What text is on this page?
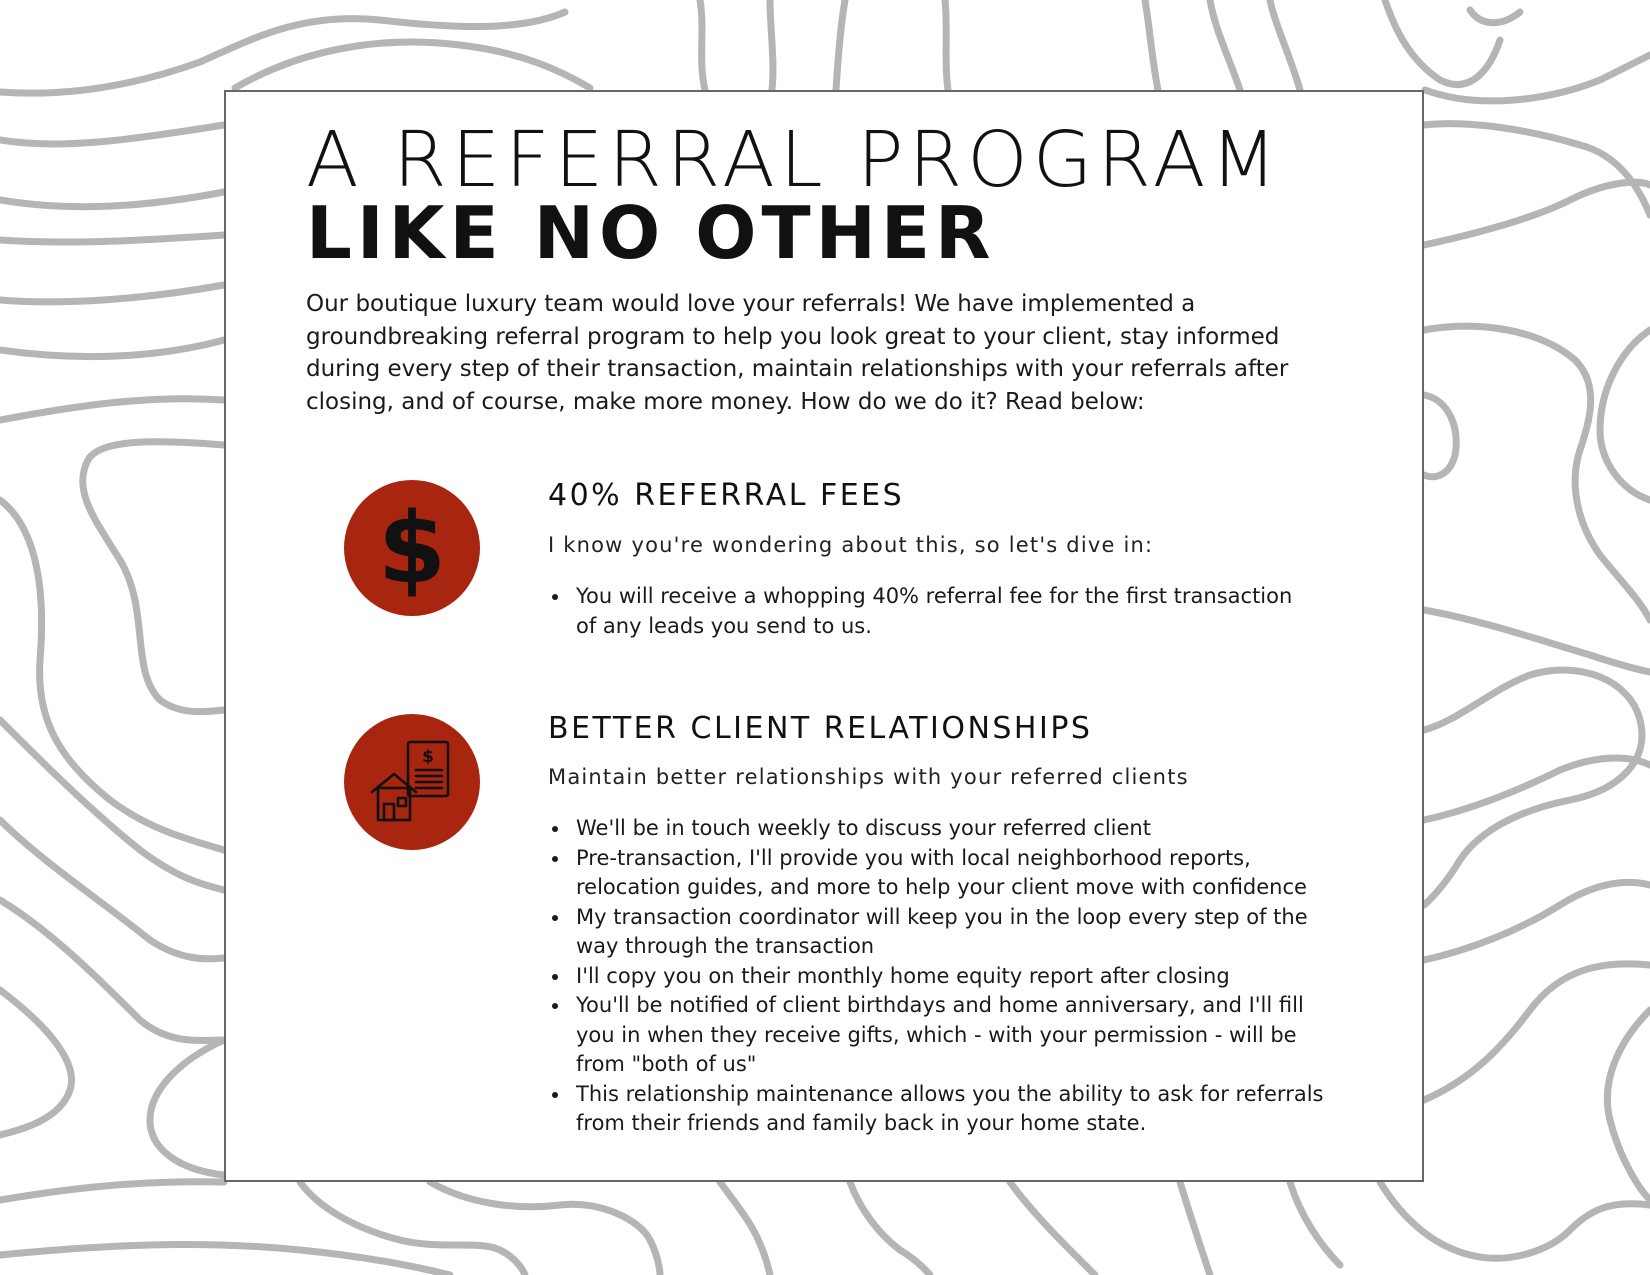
A REFERRAL PROGRAM
LIKE NO OTHER

Our boutique luxury team would love your referrals! We have implemented a groundbreaking referral program to help you look great to your client, stay informed during every step of their transaction, maintain relationships with your referrals after closing, and of course, make more money. How do we do it? Read below:

$	40% REFERRAL FEES

I know you're wondering about this, so let's dive in:

You will receive a whopping 40% referral fee for the first transaction of any leads you send to us.
$
BETTER CLIENT RELATIONSHIPS

Maintain better relationships with your referred clients

We'll be in touch weekly to discuss your referred client
Pre-transaction, I'll provide you with local neighborhood reports, relocation guides, and more to help your client move with confidence
My transaction coordinator will keep you in the loop every step of the way through the transaction
I'll copy you on their monthly home equity report after closing
You'll be notified of client birthdays and home anniversary, and I'll fill you in when they receive gifts, which - with your permission - will be from "both of us"
This relationship maintenance allows you the ability to ask for referrals from their friends and family back in your home state.
